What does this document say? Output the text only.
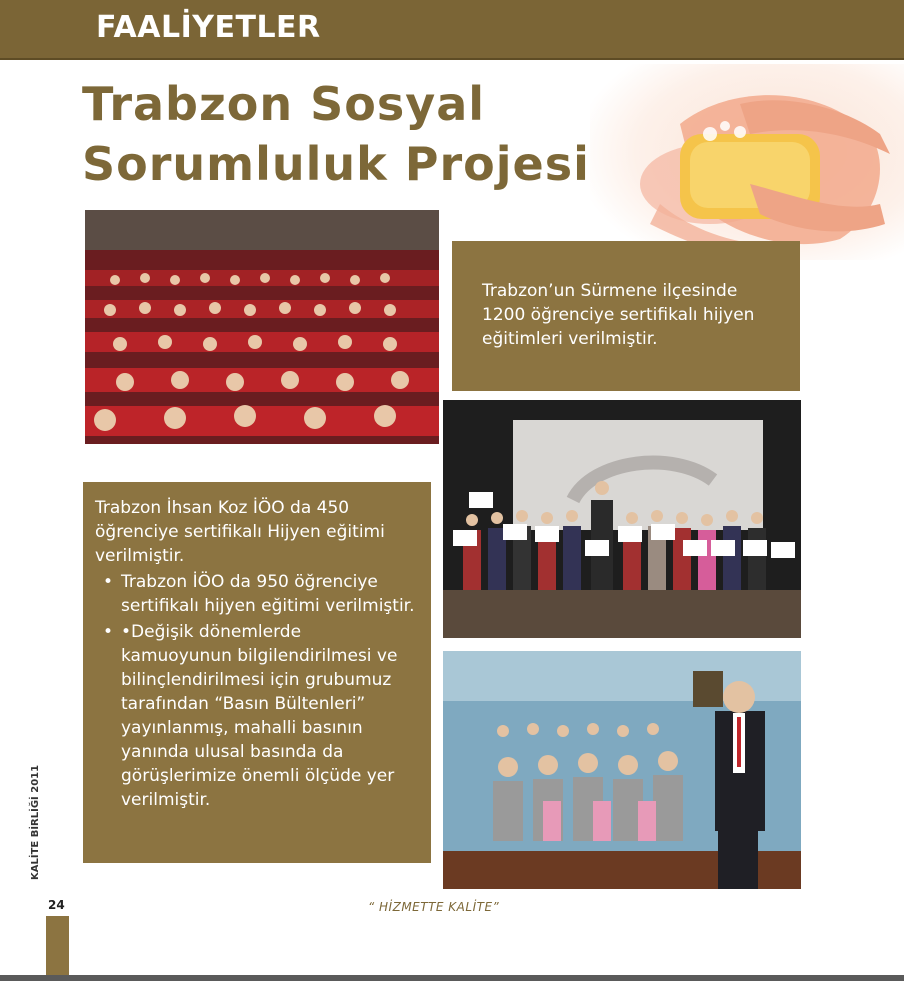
FAALİYETLER
Trabzon Sosyal
Sorumluluk Projesi

Trabzon’un Sürmene ilçesinde 1200 öğrenciye sertifikalı hijyen eğitimleri verilmiştir.

Trabzon İhsan Koz İÖO da 450 öğrenciye sertifikalı Hijyen eğitimi verilmiştir.

• Trabzon İÖO da 950 öğrenciye sertifikalı hijyen eğitimi verilmiştir.
• •Değişik dönemlerde kamuoyunun bilgilendirilmesi ve bilinçlendirilmesi için grubumuz tarafından “Basın Bültenleri” yayınlanmış, mahalli basının yanında ulusal basında da görüşlerimize önemli ölçüde yer verilmiştir.
KALİTE BİRLİĞİ 2011
24	“ HİZMETTE KALİTE”
